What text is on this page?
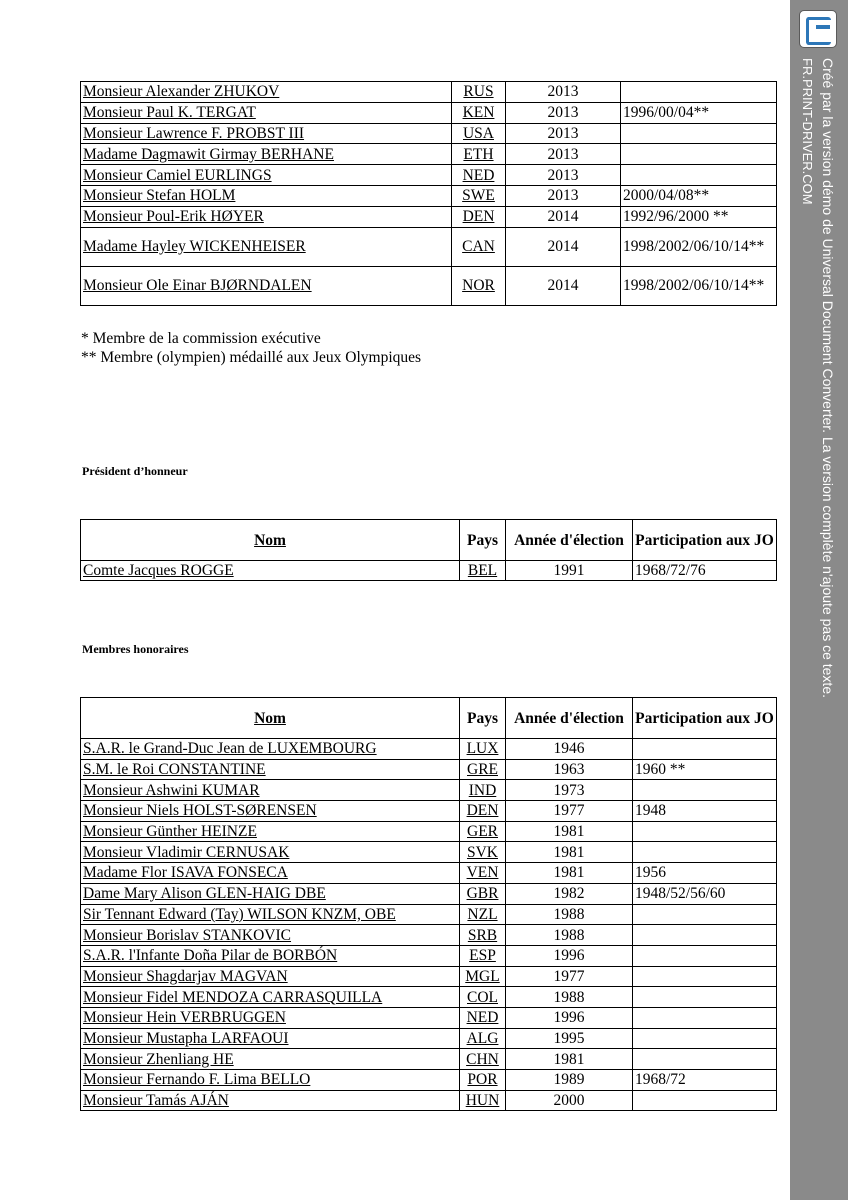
Monsieur Alexander ZHUKOV	RUS	2013	
Monsieur Paul K. TERGAT	KEN	2013	1996/00/04**
Monsieur Lawrence F. PROBST III	USA	2013	
Madame Dagmawit Girmay BERHANE	ETH	2013	
Monsieur Camiel EURLINGS	NED	2013	
Monsieur Stefan HOLM	SWE	2013	2000/04/08**
Monsieur Poul-Erik HØYER	DEN	2014	1992/96/2000 **
Madame Hayley WICKENHEISER	CAN	2014	1998/2002/06/10/14**
Monsieur Ole Einar BJØRNDALEN	NOR	2014	1998/2002/06/10/14**
* Membre de la commission exécutive
** Membre (olympien) médaillé aux Jeux Olympiques
Président d’honneur
Nom	Pays	Année d'élection	Participation aux JO
Comte Jacques ROGGE	BEL	1991	1968/72/76
Membres honoraires
Nom	Pays	Année d'élection	Participation aux JO
S.A.R. le Grand-Duc Jean de LUXEMBOURG	LUX	1946	
S.M. le Roi CONSTANTINE	GRE	1963	1960 **
Monsieur Ashwini KUMAR	IND	1973	
Monsieur Niels HOLST-SØRENSEN	DEN	1977	1948
Monsieur Günther HEINZE	GER	1981	
Monsieur Vladimir CERNUSAK	SVK	1981	
Madame Flor ISAVA FONSECA	VEN	1981	1956
Dame Mary Alison GLEN-HAIG DBE	GBR	1982	1948/52/56/60
Sir Tennant Edward (Tay) WILSON KNZM, OBE	NZL	1988	
Monsieur Borislav STANKOVIC	SRB	1988	
S.A.R. l'Infante Doña Pilar de BORBÓN	ESP	1996	
Monsieur Shagdarjav MAGVAN	MGL	1977	
Monsieur Fidel MENDOZA CARRASQUILLA	COL	1988	
Monsieur Hein VERBRUGGEN	NED	1996	
Monsieur Mustapha LARFAOUI	ALG	1995	
Monsieur Zhenliang HE	CHN	1981	
Monsieur Fernando F. Lima BELLO	POR	1989	1968/72
Monsieur Tamás AJÁN	HUN	2000	
Créé par la version démo de Universal Document Converter. La version complète n'ajoute pas ce texte.
FR.PRINT-DRIVER.COM
